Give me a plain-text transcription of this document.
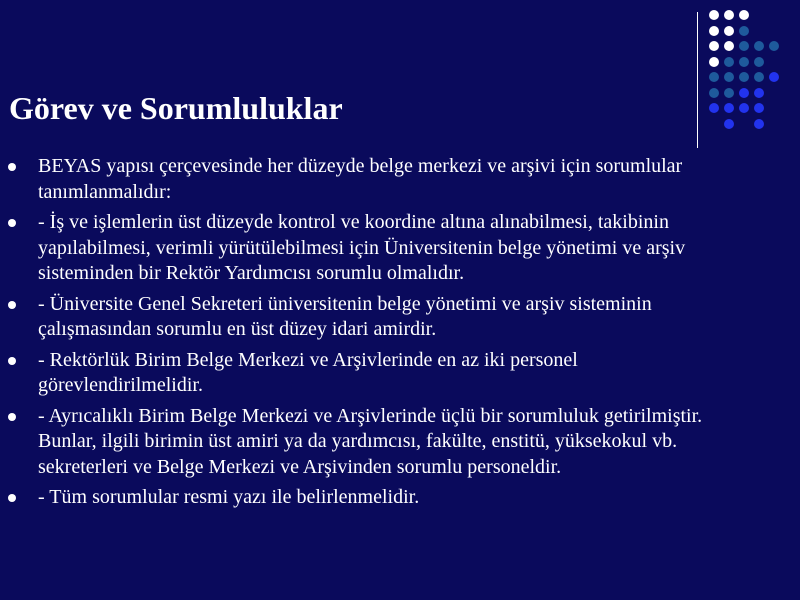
Görev ve Sorumluluklar
BEYAS yapısı çerçevesinde her düzeyde belge merkezi ve arşivi için sorumlular tanımlanmalıdır:
- İş ve işlemlerin üst düzeyde kontrol ve koordine altına alınabilmesi, takibinin yapılabilmesi, verimli yürütülebilmesi için Üniversitenin belge yönetimi ve arşiv sisteminden bir Rektör Yardımcısı sorumlu olmalıdır.
- Üniversite Genel Sekreteri üniversitenin belge yönetimi ve arşiv sisteminin çalışmasından sorumlu en üst düzey idari amirdir.
- Rektörlük Birim Belge Merkezi ve Arşivlerinde en az iki personel görevlendirilmelidir.
- Ayrıcalıklı Birim Belge Merkezi ve Arşivlerinde üçlü bir sorumluluk getirilmiştir. Bunlar, ilgili birimin üst amiri ya da yardımcısı, fakülte, enstitü, yüksekokul vb. sekreterleri ve Belge Merkezi ve Arşivinden sorumlu personeldir.
- Tüm sorumlular resmi yazı ile belirlenmelidir.
